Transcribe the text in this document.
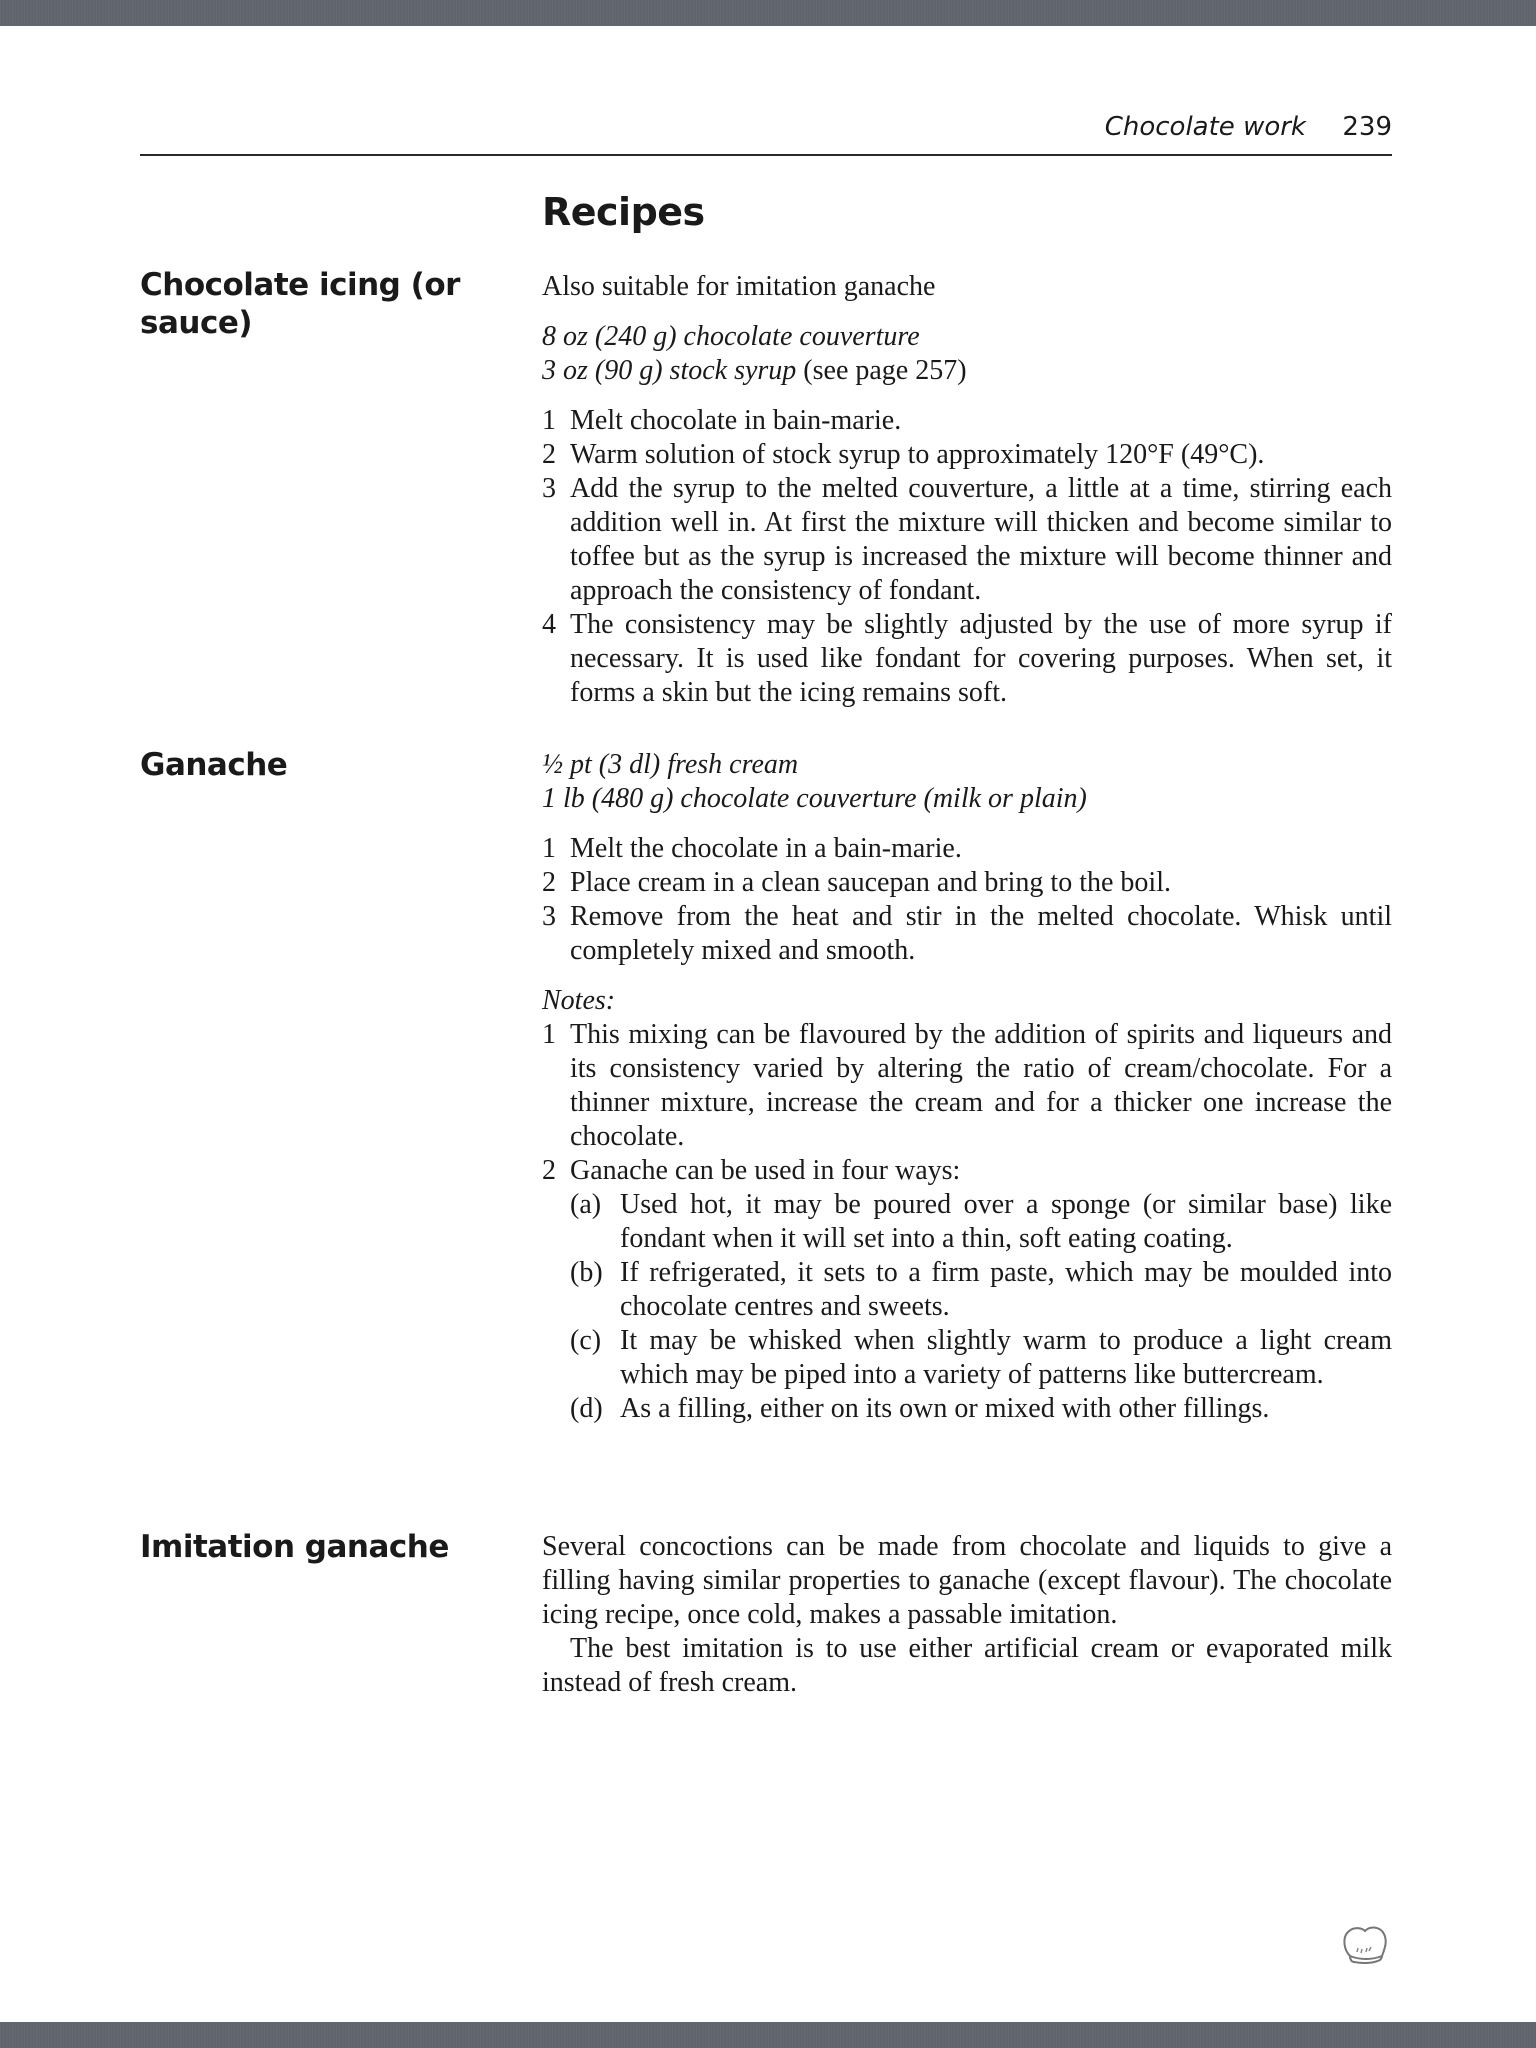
Chocolate work 239
Recipes
Chocolate icing (or sauce)

Also suitable for imitation ganache

8 oz (240 g) chocolate couverture

3 oz (90 g) stock syrup (see page 257)

1 Melt chocolate in bain-marie.
2 Warm solution of stock syrup to approximately 120°F (49°C).
3 Add the syrup to the melted couverture, a little at a time, stirring each addition well in. At first the mixture will thicken and become similar to toffee but as the syrup is increased the mixture will become thinner and approach the consistency of fondant.
4 The consistency may be slightly adjusted by the use of more syrup if necessary. It is used like fondant for covering purposes. When set, it forms a skin but the icing remains soft.
Ganache	½ pt (3 dl) fresh cream

1 lb (480 g) chocolate couverture (milk or plain)

1 Melt the chocolate in a bain-marie.
2 Place cream in a clean saucepan and bring to the boil.
3 Remove from the heat and stir in the melted chocolate. Whisk until completely mixed and smooth.

Notes:

1 This mixing can be flavoured by the addition of spirits and liqueurs and its consistency varied by altering the ratio of cream/chocolate. For a thinner mixture, increase the cream and for a thicker one increase the chocolate.
2 Ganache can be used in four ways:
(a) Used hot, it may be poured over a sponge (or similar base) like fondant when it will set into a thin, soft eating coating.
(b) If refrigerated, it sets to a firm paste, which may be moulded into chocolate centres and sweets.
(c) It may be whisked when slightly warm to produce a light cream which may be piped into a variety of patterns like buttercream.
(d) As a filling, either on its own or mixed with other fillings.
Imitation ganache	Several concoctions can be made from chocolate and liquids to give a filling having similar properties to ganache (except flavour). The chocolate icing recipe, once cold, makes a passable imitation.

The best imitation is to use either artificial cream or evaporated milk instead of fresh cream.
